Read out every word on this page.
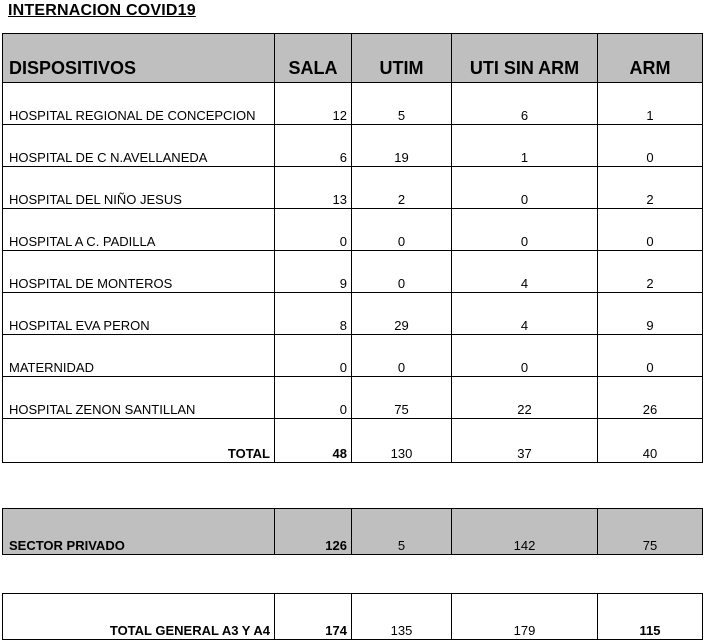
INTERNACION COVID19
DISPOSITIVOS	SALA	UTIM	UTI SIN ARM	ARM
HOSPITAL REGIONAL DE CONCEPCION	12	5	6	1
HOSPITAL DE C N.AVELLANEDA	6	19	1	0
HOSPITAL DEL NIÑO JESUS	13	2	0	2
HOSPITAL A C. PADILLA	0	0	0	0
HOSPITAL DE MONTEROS	9	0	4	2
HOSPITAL EVA PERON	8	29	4	9
MATERNIDAD	0	0	0	0
HOSPITAL ZENON SANTILLAN	0	75	22	26
TOTAL	48	130	37	40
SECTOR PRIVADO	126	5	142	75
TOTAL GENERAL A3 Y A4	174	135	179	115
